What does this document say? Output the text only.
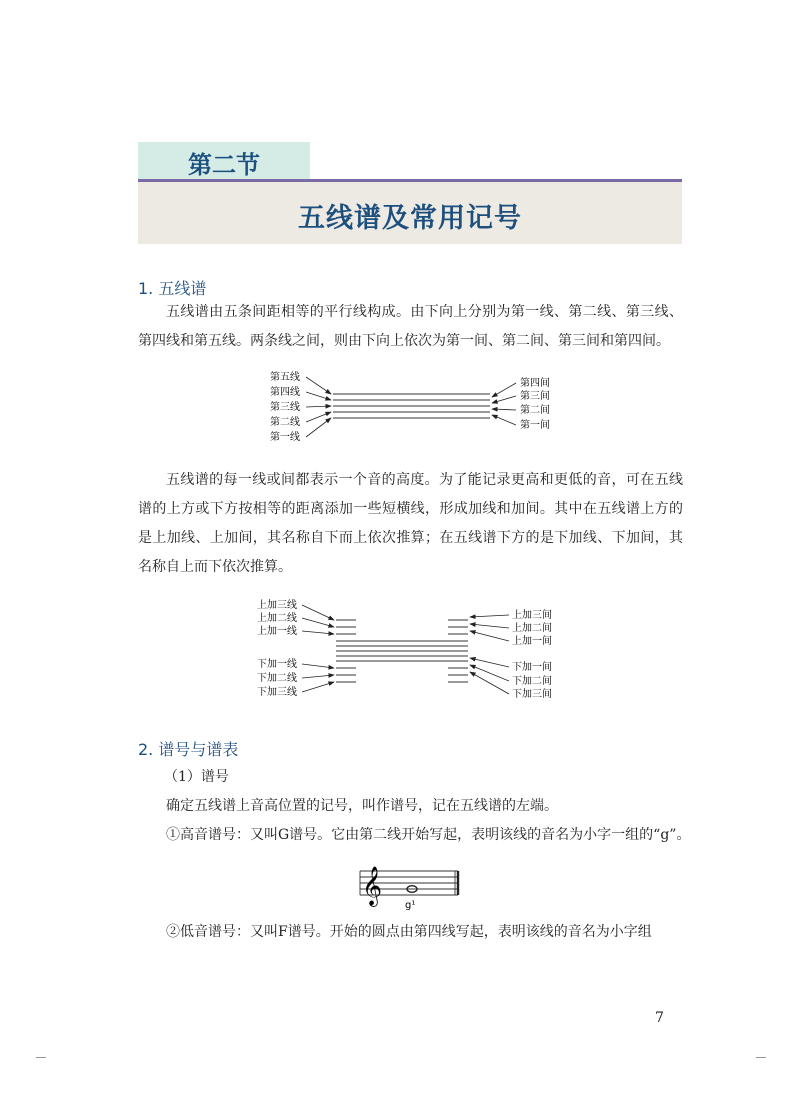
第二节
五线谱及常用记号
1. 五线谱
五线谱由五条间距相等的平行线构成。由下向上分别为第一线、第二线、第三线、第四线和第五线。两条线之间，则由下向上依次为第一间、第二间、第三间和第四间。
第五线
第四线
第三线
第二线
第一线
第四间
第三间
第二间
第一间
上加三线
上加二线
上加一线
下加一线
下加二线
下加三线
上加三间
上加二间
上加一间
下加一间
下加二间
下加三间
𝄞 g¹
五线谱的每一线或间都表示一个音的高度。为了能记录更高和更低的音，可在五线谱的上方或下方按相等的距离添加一些短横线，形成加线和加间。其中在五线谱上方的是上加线、上加间，其名称自下而上依次推算；在五线谱下方的是下加线、下加间，其名称自上而下依次推算。
2. 谱号与谱表
（1）谱号
确定五线谱上音高位置的记号，叫作谱号，记在五线谱的左端。
①高音谱号：又叫G谱号。它由第二线开始写起，表明该线的音名为小字一组的“g”。
②低音谱号：又叫F谱号。开始的圆点由第四线写起，表明该线的音名为小字组
7
